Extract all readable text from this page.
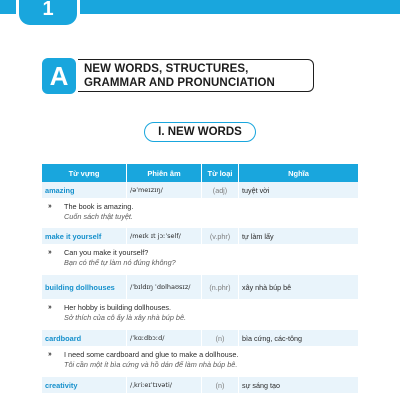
1
A	NEW WORDS, STRUCTURES,
GRAMMAR AND PRONUNCIATION
I. NEW WORDS
Từ vựng	Phiên âm	Từ loại	Nghĩa
amazing	/əˈmeɪzɪŋ/	(adj)	tuyệt vời
›› The book is amazing.
Cuốn sách thật tuyệt.
make it yourself	/meɪk ɪt jɔːˈself/	(v.phr)	tự làm lấy
›› Can you make it yourself?
Bạn có thể tự làm nó đúng không?
building dollhouses	/ˈbɪldɪŋ ˈdɒlhaʊsɪz/	(n.phr)	xây nhà búp bê
›› Her hobby is building dollhouses.
Sở thích của cô ấy là xây nhà búp bê.
cardboard	/ˈkɑːdbɔːd/	(n)	bìa cứng, các-tông
›› I need some cardboard and glue to make a dollhouse.
Tôi cần một ít bìa cứng và hồ dán để làm nhà búp bê.
creativity	/ˌkriːeɪˈtɪvəti/	(n)	sự sáng tạo
